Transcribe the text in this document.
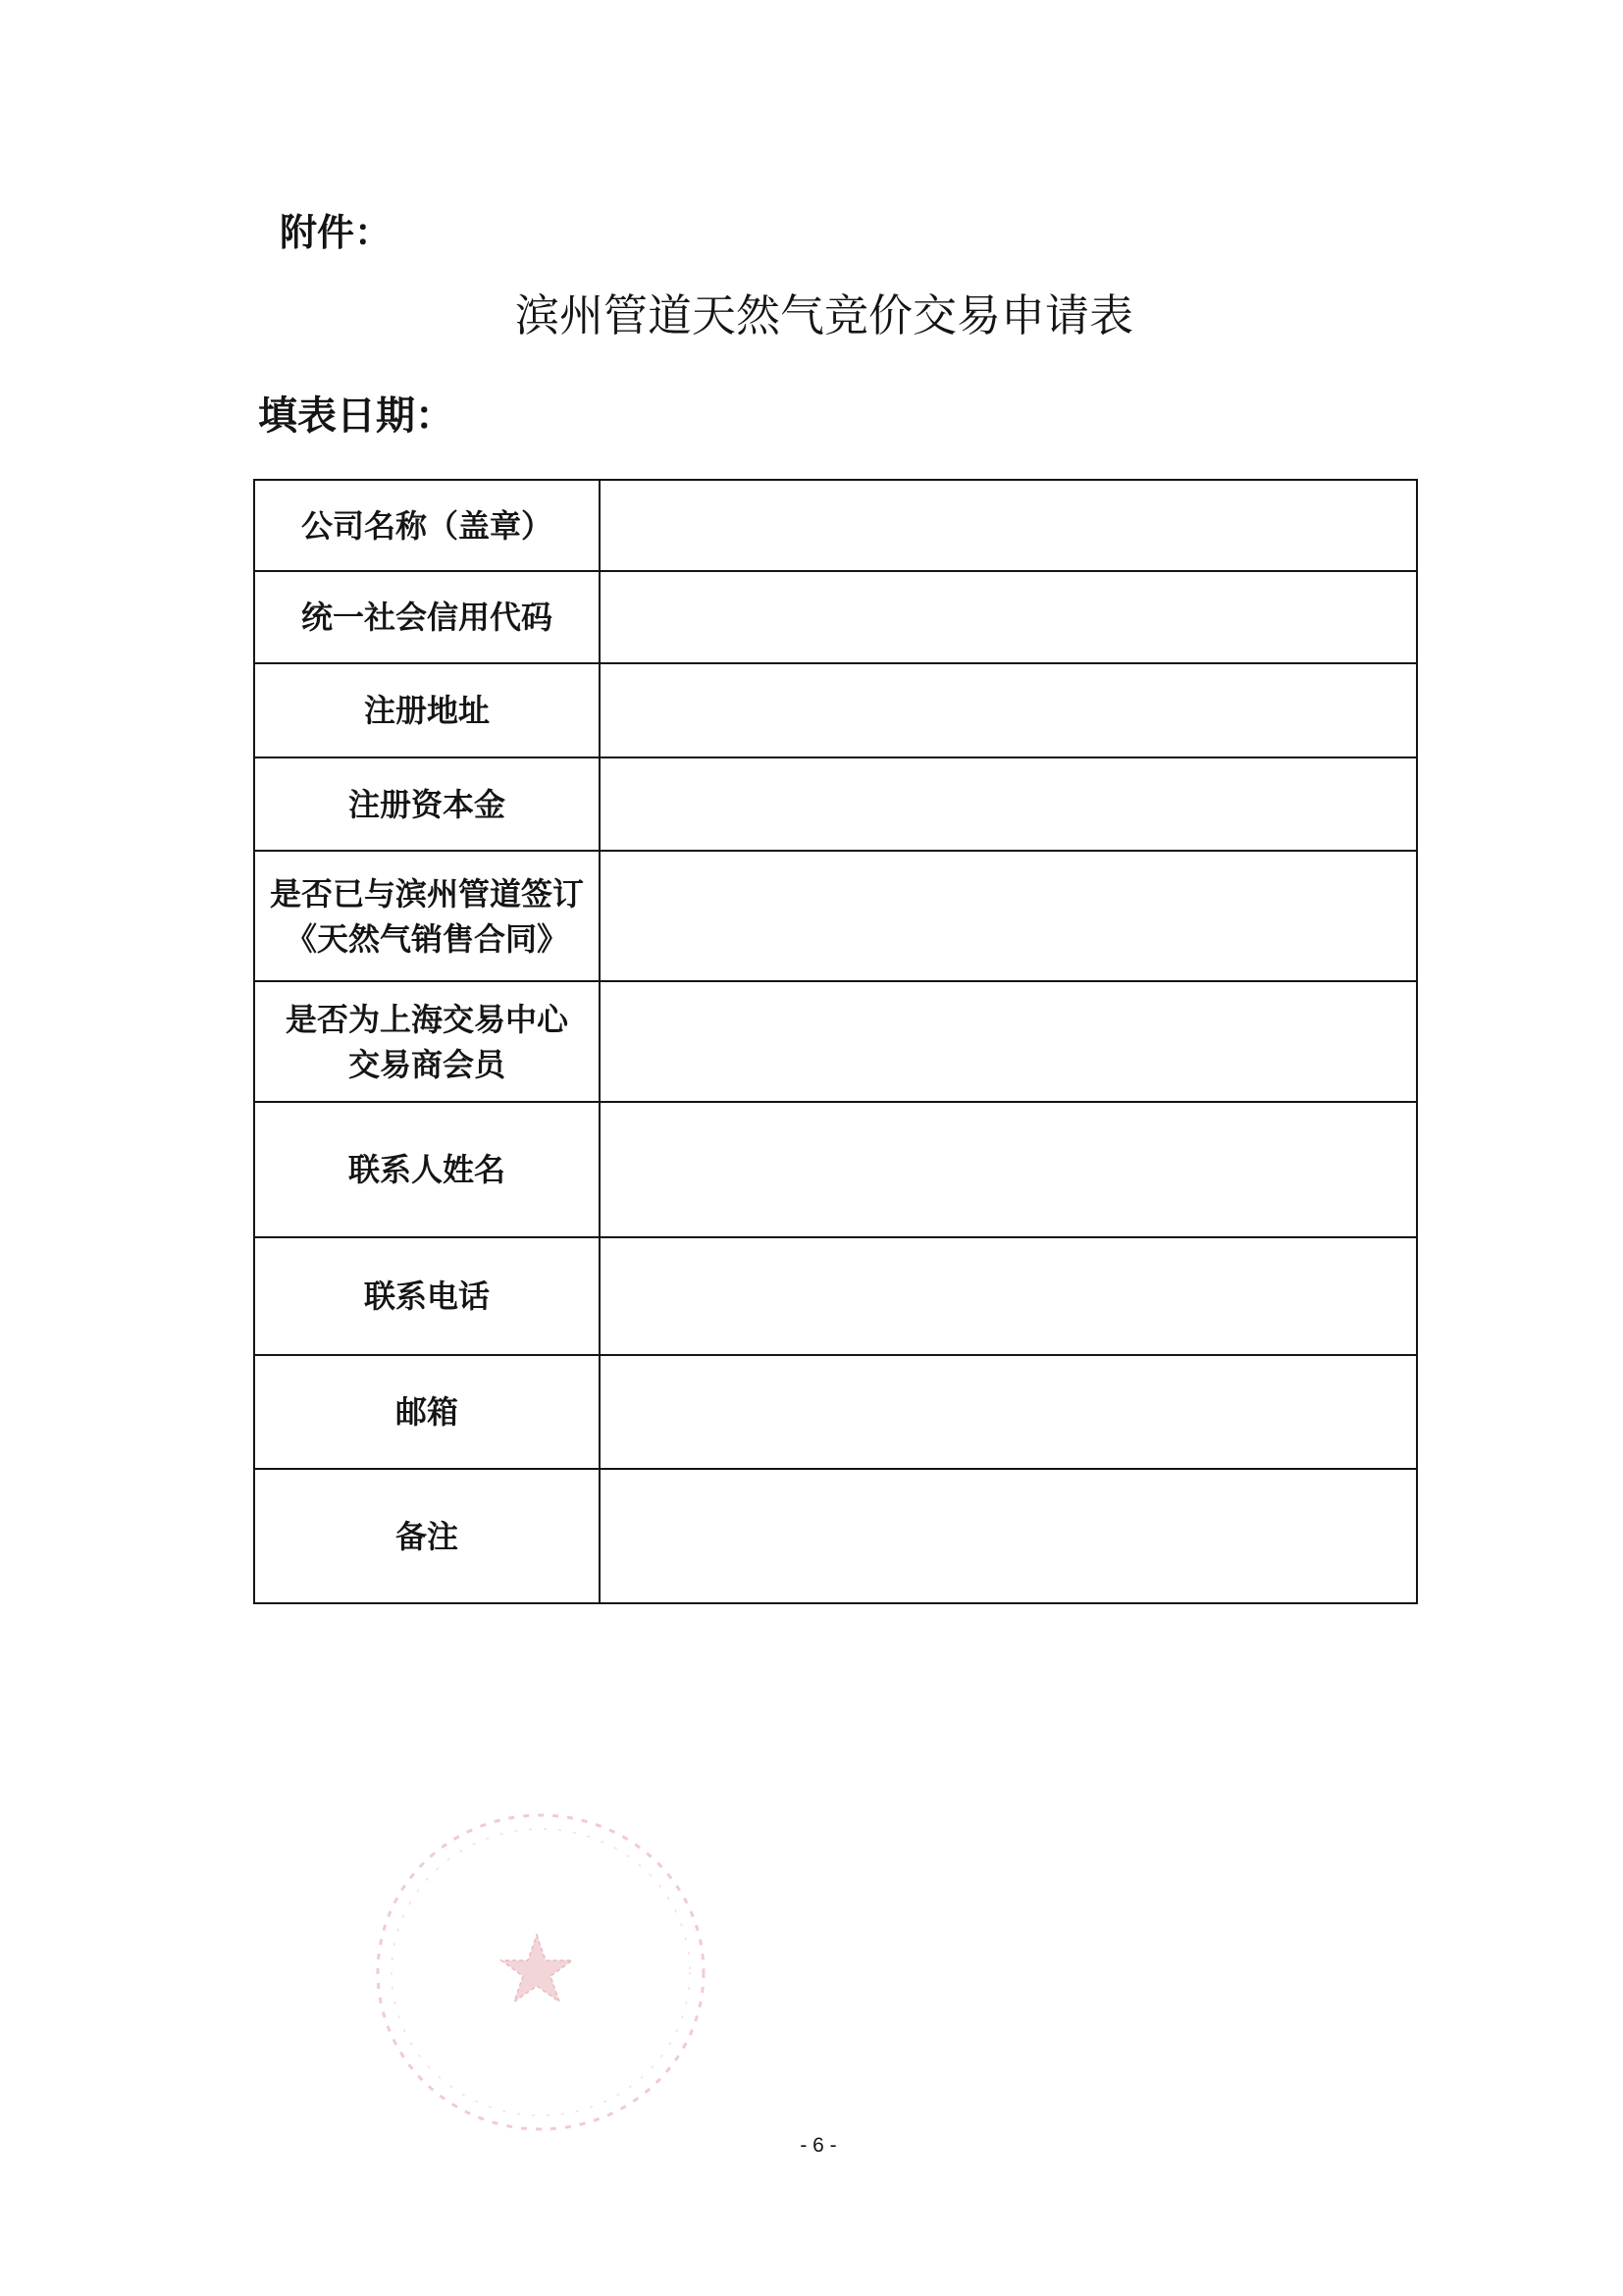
附件：
滨州管道天然气竞价交易申请表
填表日期：
公司名称（盖章）
统一社会信用代码
注册地址
注册资本金
是否已与滨州管道签订
《天然气销售合同》
是否为上海交易中心
交易商会员
联系人姓名
联系电话
邮箱
备注
- 6 -
